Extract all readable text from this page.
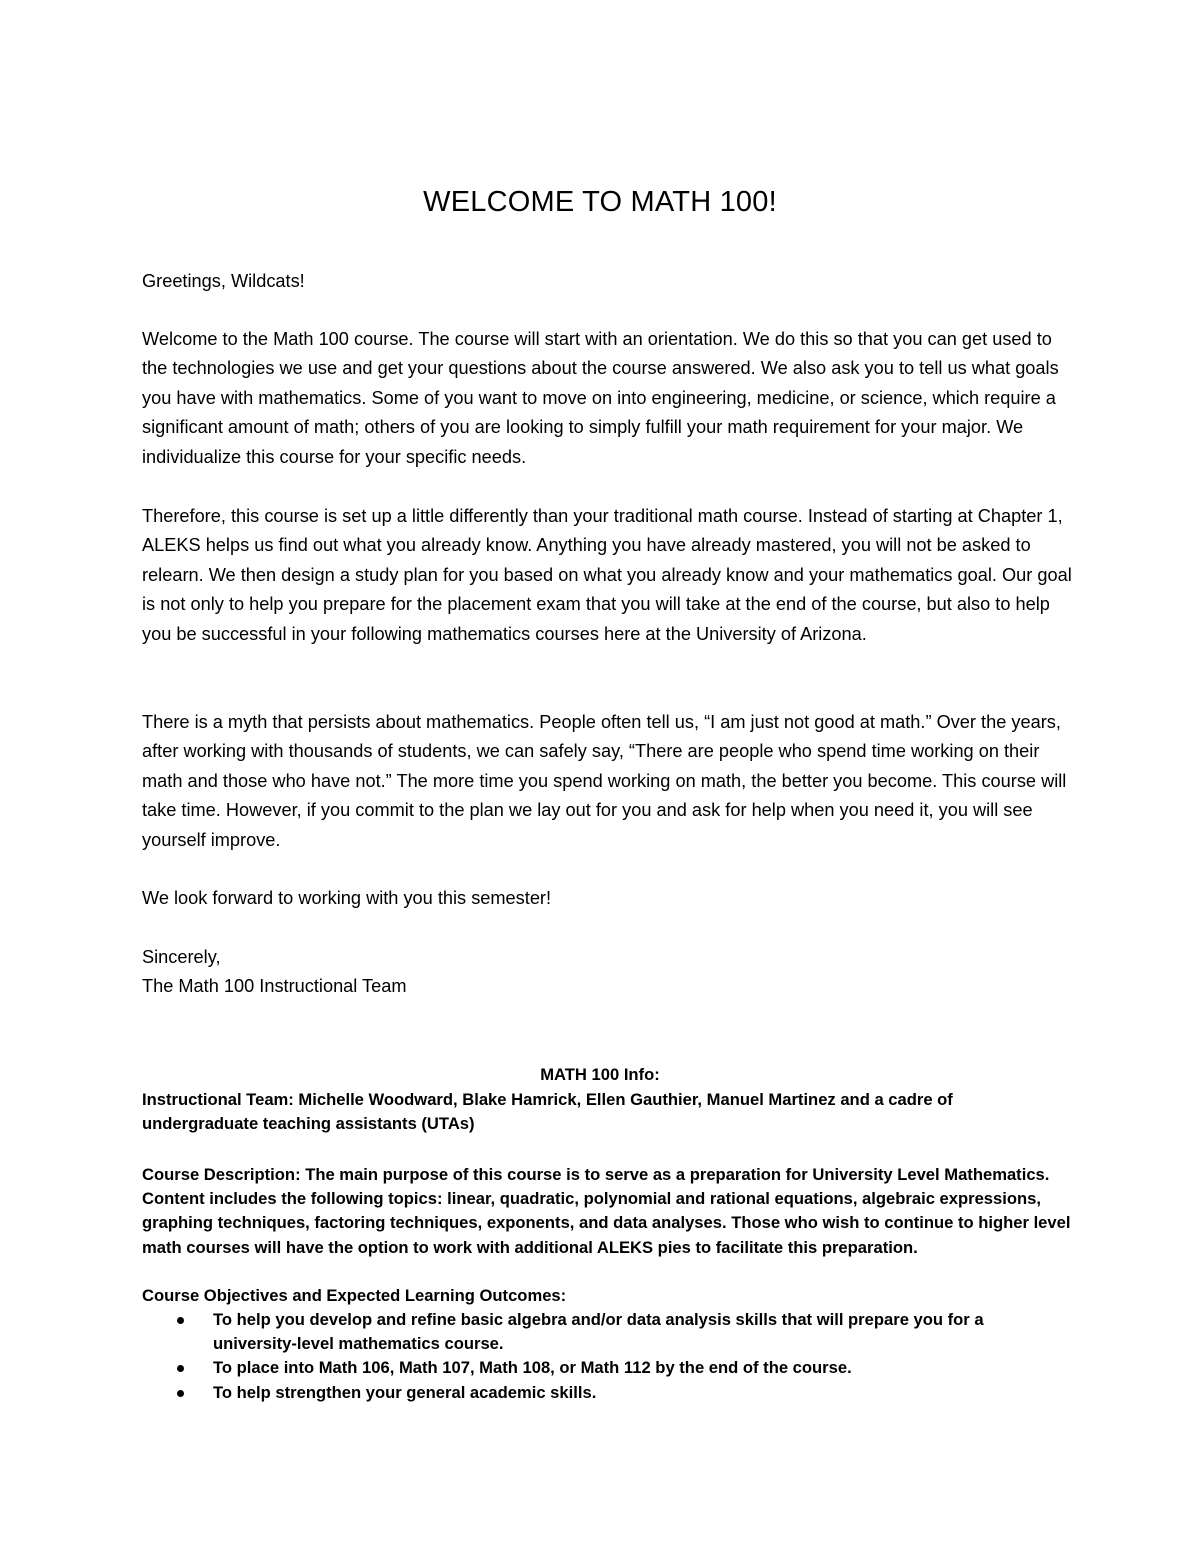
WELCOME TO MATH 100!

Greetings, Wildcats!

Welcome to the Math 100 course. The course will start with an orientation. We do this so that you can get used to the technologies we use and get your questions about the course answered. We also ask you to tell us what goals you have with mathematics. Some of you want to move on into engineering, medicine, or science, which require a significant amount of math; others of you are looking to simply fulfill your math requirement for your major. We individualize this course for your specific needs.

Therefore, this course is set up a little differently than your traditional math course. Instead of starting at Chapter 1, ALEKS helps us find out what you already know. Anything you have already mastered, you will not be asked to relearn. We then design a study plan for you based on what you already know and your mathematics goal. Our goal is not only to help you prepare for the placement exam that you will take at the end of the course, but also to help you be successful in your following mathematics courses here at the University of Arizona.

There is a myth that persists about mathematics. People often tell us, “I am just not good at math.” Over the years, after working with thousands of students, we can safely say, “There are people who spend time working on their math and those who have not.” The more time you spend working on math, the better you become. This course will take time. However, if you commit to the plan we lay out for you and ask for help when you need it, you will see yourself improve.

We look forward to working with you this semester!

Sincerely,

The Math 100 Instructional Team

MATH 100 Info:

Instructional Team: Michelle Woodward, Blake Hamrick, Ellen Gauthier, Manuel Martinez and a cadre of undergraduate teaching assistants (UTAs)

Course Description: The main purpose of this course is to serve as a preparation for University Level Mathematics. Content includes the following topics: linear, quadratic, polynomial and rational equations, algebraic expressions, graphing techniques, factoring techniques, exponents, and data analyses. Those who wish to continue to higher level math courses will have the option to work with additional ALEKS pies to facilitate this preparation.

Course Objectives and Expected Learning Outcomes:

To help you develop and refine basic algebra and/or data analysis skills that will prepare you for a university-level mathematics course.
To place into Math 106, Math 107, Math 108, or Math 112 by the end of the course.
To help strengthen your general academic skills.
